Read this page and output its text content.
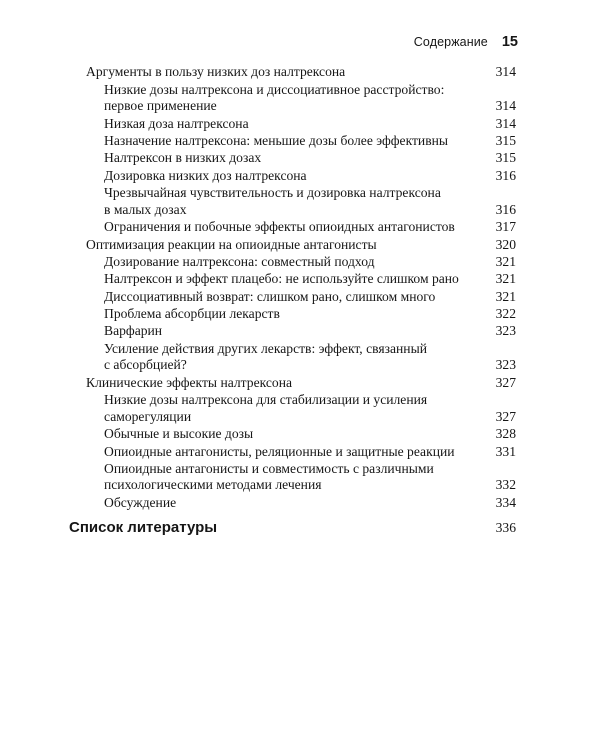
Содержание 15
Аргументы в пользу низких доз налтрексона	314
Низкие дозы налтрексона и диссоциативное расстройство:
первое применение	314
Низкая доза налтрексона	314
Назначение налтрексона: меньшие дозы более эффективны	315
Налтрексон в низких дозах	315
Дозировка низких доз налтрексона	316
Чрезвычайная чувствительность и дозировка налтрексона
в малых дозах	316
Ограничения и побочные эффекты опиоидных антагонистов	317
Оптимизация реакции на опиоидные антагонисты	320
Дозирование налтрексона: совместный подход	321
Налтрексон и эффект плацебо: не используйте слишком рано	321
Диссоциативный возврат: слишком рано, слишком много	321
Проблема абсорбции лекарств	322
Варфарин	323
Усиление действия других лекарств: эффект, связанный
с абсорбцией?	323
Клинические эффекты налтрексона	327
Низкие дозы налтрексона для стабилизации и усиления
саморегуляции	327
Обычные и высокие дозы	328
Опиоидные антагонисты, реляционные и защитные реакции	331
Опиоидные антагонисты и совместимость с различными
психологическими методами лечения	332
Обсуждение	334
Список литературы	336
